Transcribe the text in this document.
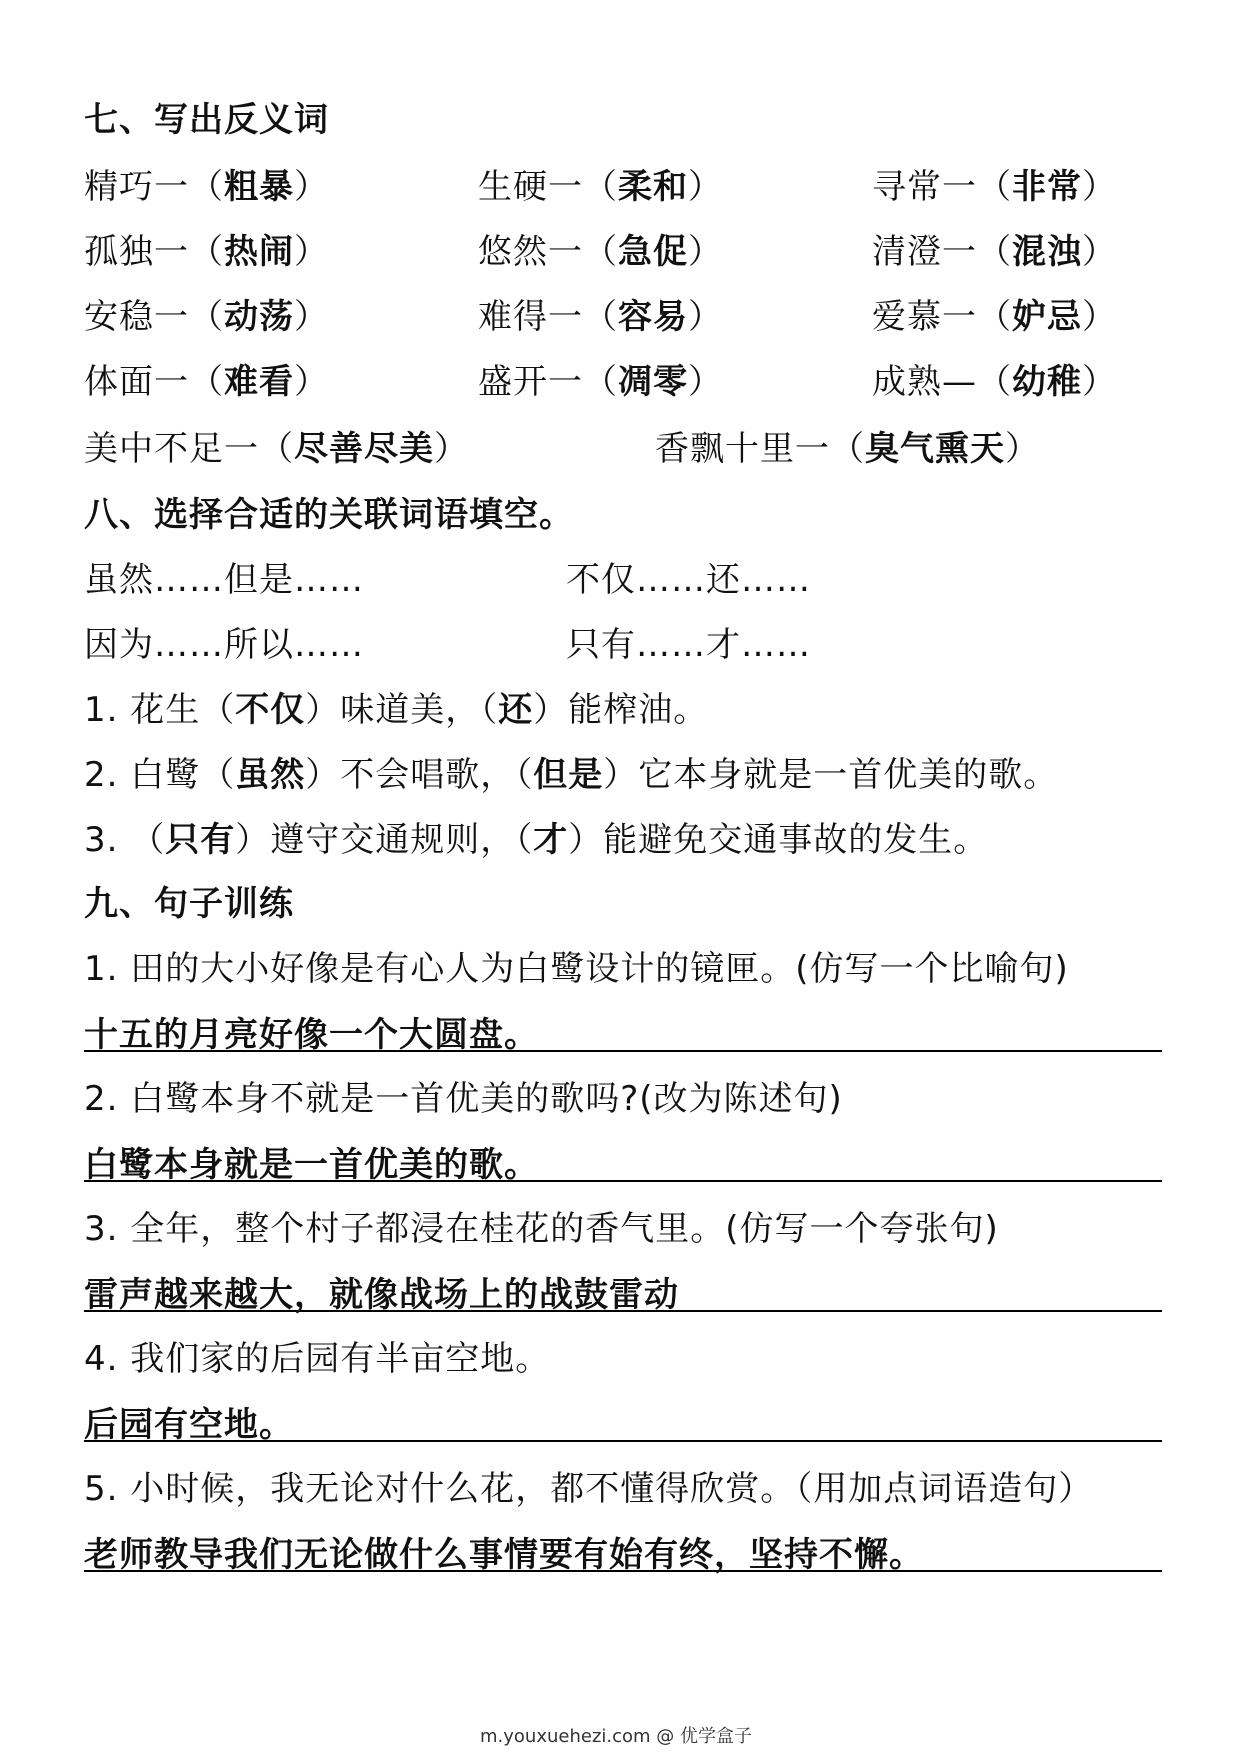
七、写出反义词
精巧一（粗暴）	生硬一（柔和）	寻常一（非常）
孤独一（热闹）	悠然一（急促）	清澄一（混浊）
安稳一（动荡）	难得一（容易）	爱慕一（妒忌）
体面一（难看）	盛开一（凋零）	成熟—（幼稚）
美中不足一（尽善尽美）	香飘十里一（臭气熏天）
八、选择合适的关联词语填空。
虽然……但是……	不仅……还……
因为……所以……	只有……才……
1. 花生（不仅）味道美，（还）能榨油。
2. 白鹭（虽然）不会唱歌，（但是）它本身就是一首优美的歌。
3. （只有）遵守交通规则，（才）能避免交通事故的发生。
九、句子训练
1. 田的大小好像是有心人为白鹭设计的镜匣。(仿写一个比喻句)
十五的月亮好像一个大圆盘。
2. 白鹭本身不就是一首优美的歌吗?(改为陈述句)
白鹭本身就是一首优美的歌。
3. 全年，整个村子都浸在桂花的香气里。(仿写一个夸张句)
雷声越来越大，就像战场上的战鼓雷动
4. 我们家的后园有半亩空地。
后园有空地。
5. 小时候，我无论对什么花，都不懂得欣赏。（用加点词语造句）
老师教导我们无论做什么事情要有始有终，坚持不懈。
m.youxuehezi.com @ 优学盒子
